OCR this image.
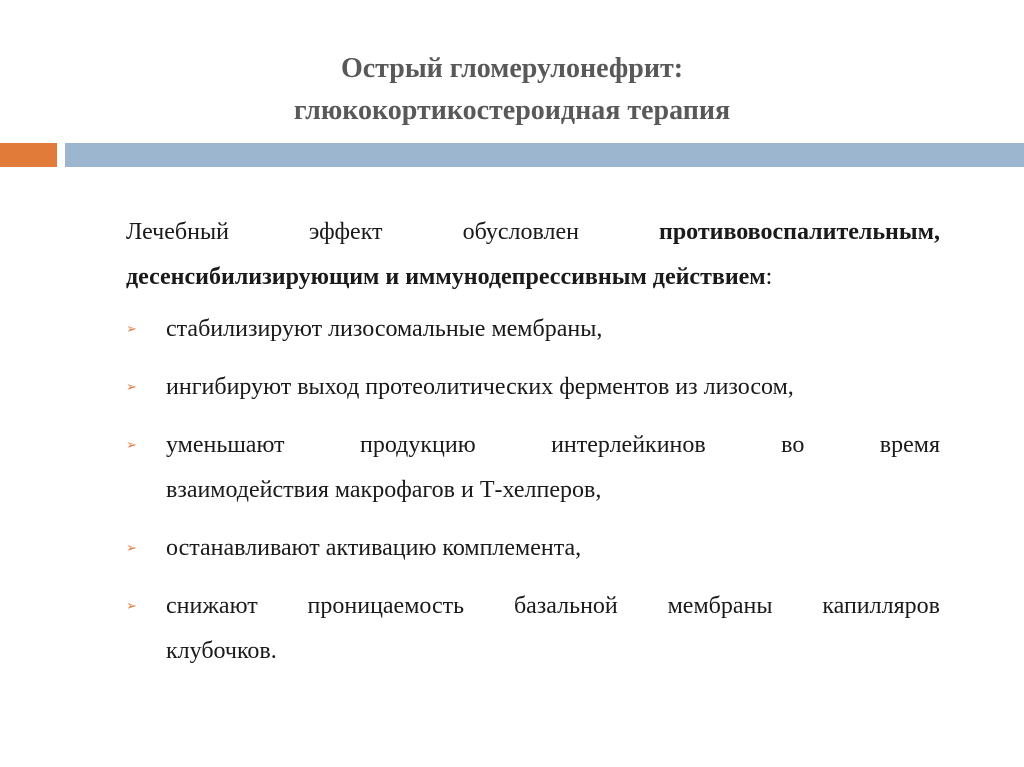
Острый гломерулонефрит:
глюкокортикостероидная терапия
Лечебный	эффект	обусловлен	противовоспалительным,
десенсибилизирующим и иммунодепрессивным действием:
➢ стабилизируют лизосомальные мембраны,
➢ ингибируют выход протеолитических ферментов из лизосом,
➢ уменьшают	продукцию	интерлейкинов	во	время
взаимодействия макрофагов и Т-хелперов,
➢ останавливают активацию комплемента,
➢ снижают проницаемость базальной мембраны капилляров
клубочков.
